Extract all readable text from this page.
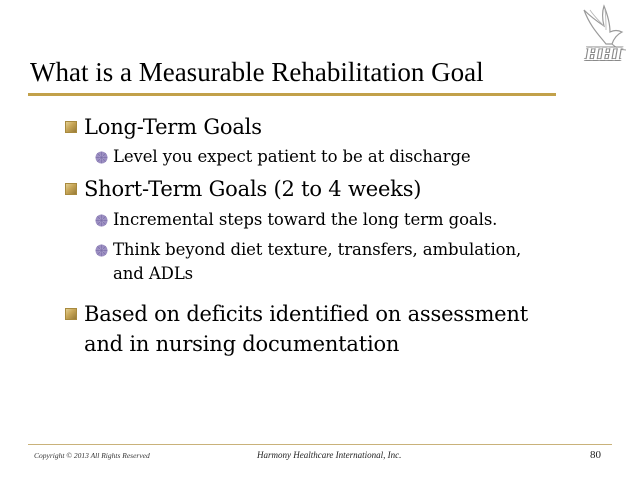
HHI
What is a Measurable Rehabilitation Goal
Long-Term Goals
Level you expect patient to be at discharge
Short-Term Goals (2 to 4 weeks)
Incremental steps toward the long term goals.
Think beyond diet texture, transfers, ambulation,
and ADLs
Based on deficits identified on assessment
and in nursing documentation
Copyright © 2013 All Rights Reserved	Harmony Healthcare International, Inc.	80
